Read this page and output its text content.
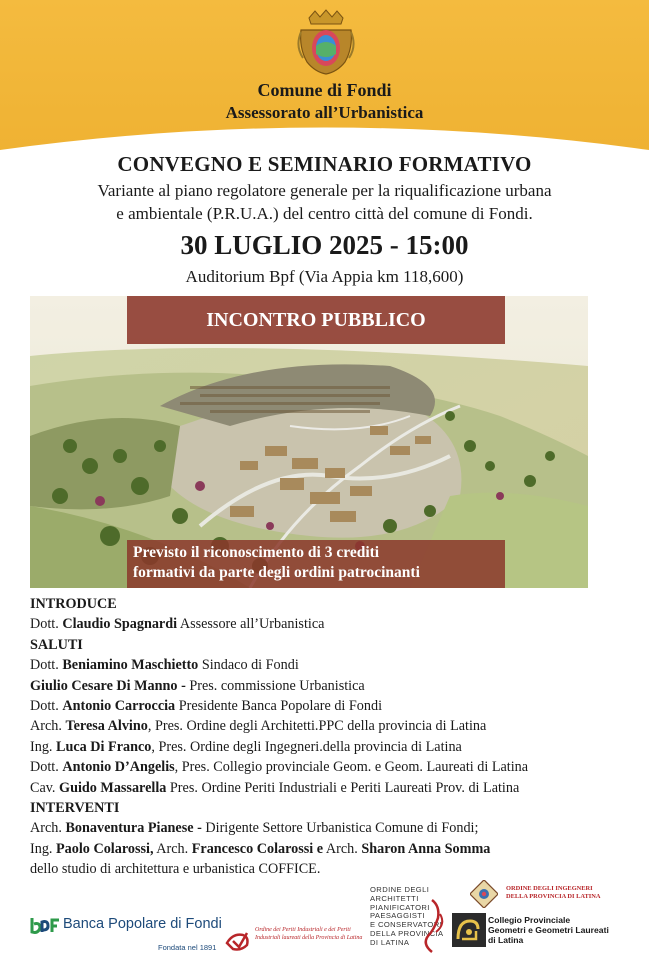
Comune di Fondi
Assessorato all’Urbanistica
CONVEGNO E SEMINARIO FORMATIVO
Variante al piano regolatore generale per la riqualificazione urbana
e ambientale (P.R.U.A.) del centro città del comune di Fondi.
30 LUGLIO 2025 - 15:00
Auditorium Bpf (Via Appia km 118,600)
INCONTRO PUBBLICO
Previsto il riconoscimento di 3 crediti
formativi da parte degli ordini patrocinanti
INTRODUCE
Dott. Claudio Spagnardi Assessore all’Urbanistica
SALUTI
Dott. Beniamino Maschietto Sindaco di Fondi
Giulio Cesare Di Manno - Pres. commissione Urbanistica
Dott. Antonio Carroccia Presidente Banca Popolare di Fondi
Arch. Teresa Alvino, Pres. Ordine degli Architetti.PPC della provincia di Latina
Ing. Luca Di Franco, Pres. Ordine degli Ingegneri.della provincia di Latina
Dott. Antonio D’Angelis, Pres. Collegio provinciale Geom. e Geom. Laureati di Latina
Cav. Guido Massarella Pres. Ordine Periti Industriali e Periti Laureati Prov. di Latina
INTERVENTI
Arch. Bonaventura Pianese - Dirigente Settore Urbanistica Comune di Fondi;
Ing. Paolo Colarossi, Arch. Francesco Colarossi e Arch. Sharon Anna Somma
dello studio di architettura e urbanistica COFFICE.
Banca Popolare di Fondi
Fondata nel 1891
Ordine dei Periti Industriali e dei Periti Industriali laureati della Provincia di Latina
ORDINE DEGLI
ARCHITETTI
PIANIFICATORI
PAESAGGISTI
E CONSERVATORI
DELLA PROVINCIA
DI LATINA
ORDINE DEGLI INGEGNERI
DELLA PROVINCIA DI LATINA
Collegio Provinciale
Geometri e Geometri Laureati
di Latina
